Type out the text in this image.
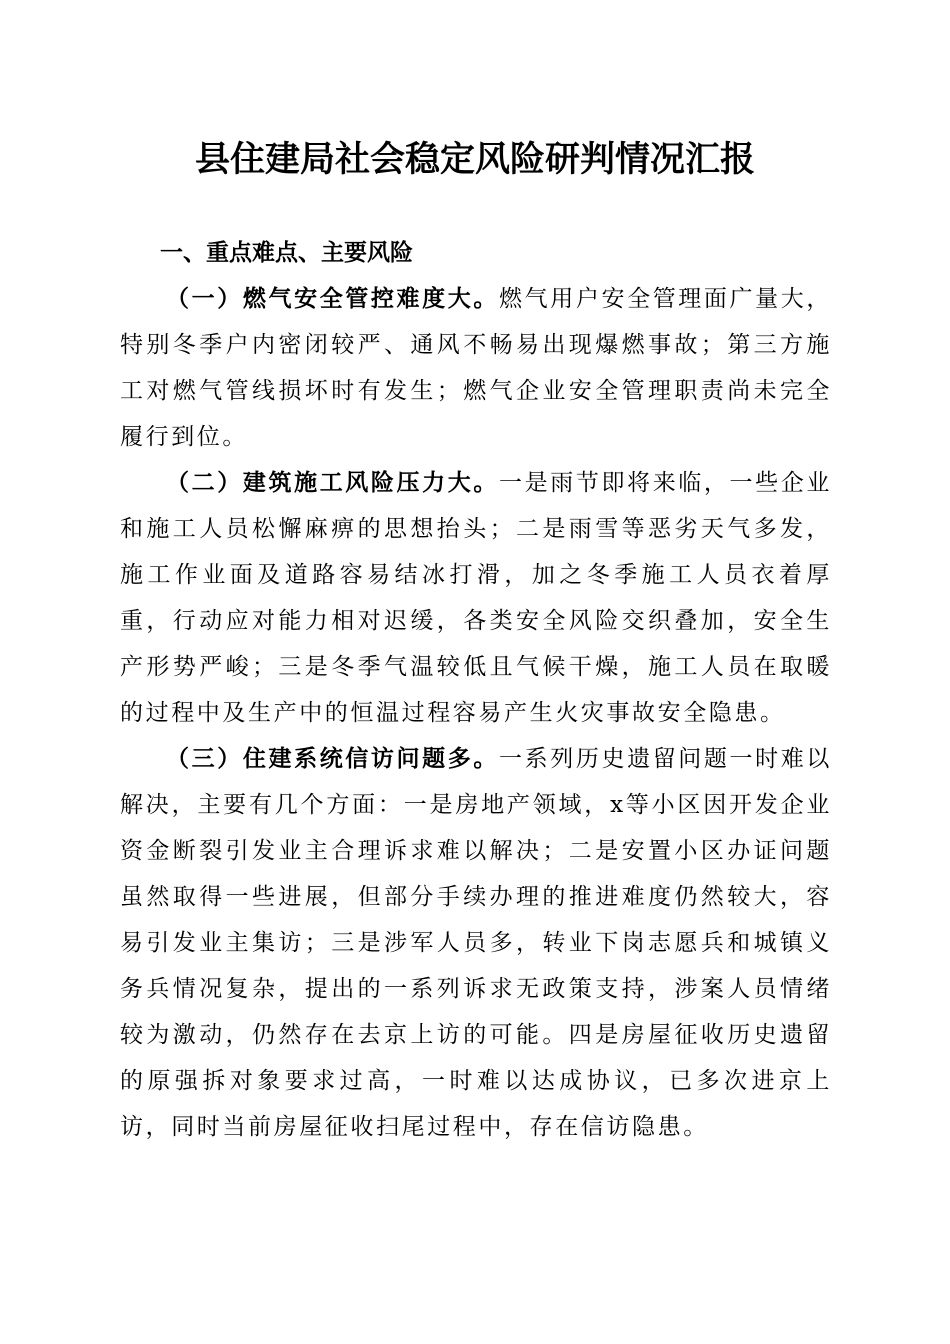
县住建局社会稳定风险研判情况汇报
一、重点难点、主要风险

（一）燃气安全管控难度大。燃气用户安全管理面广量大，特别冬季户内密闭较严、通风不畅易出现爆燃事故；第三方施工对燃气管线损坏时有发生；燃气企业安全管理职责尚未完全履行到位。

（二）建筑施工风险压力大。一是雨节即将来临，一些企业和施工人员松懈麻痹的思想抬头；二是雨雪等恶劣天气多发，施工作业面及道路容易结冰打滑，加之冬季施工人员衣着厚重，行动应对能力相对迟缓，各类安全风险交织叠加，安全生产形势严峻；三是冬季气温较低且气候干燥，施工人员在取暖的过程中及生产中的恒温过程容易产生火灾事故安全隐患。

（三）住建系统信访问题多。一系列历史遗留问题一时难以解决，主要有几个方面：一是房地产领域，x等小区因开发企业资金断裂引发业主合理诉求难以解决；二是安置小区办证问题虽然取得一些进展，但部分手续办理的推进难度仍然较大，容易引发业主集访；三是涉军人员多，转业下岗志愿兵和城镇义务兵情况复杂，提出的一系列诉求无政策支持，涉案人员情绪较为激动，仍然存在去京上访的可能。四是房屋征收历史遗留的原强拆对象要求过高，一时难以达成协议，已多次进京上访，同时当前房屋征收扫尾过程中，存在信访隐患。
